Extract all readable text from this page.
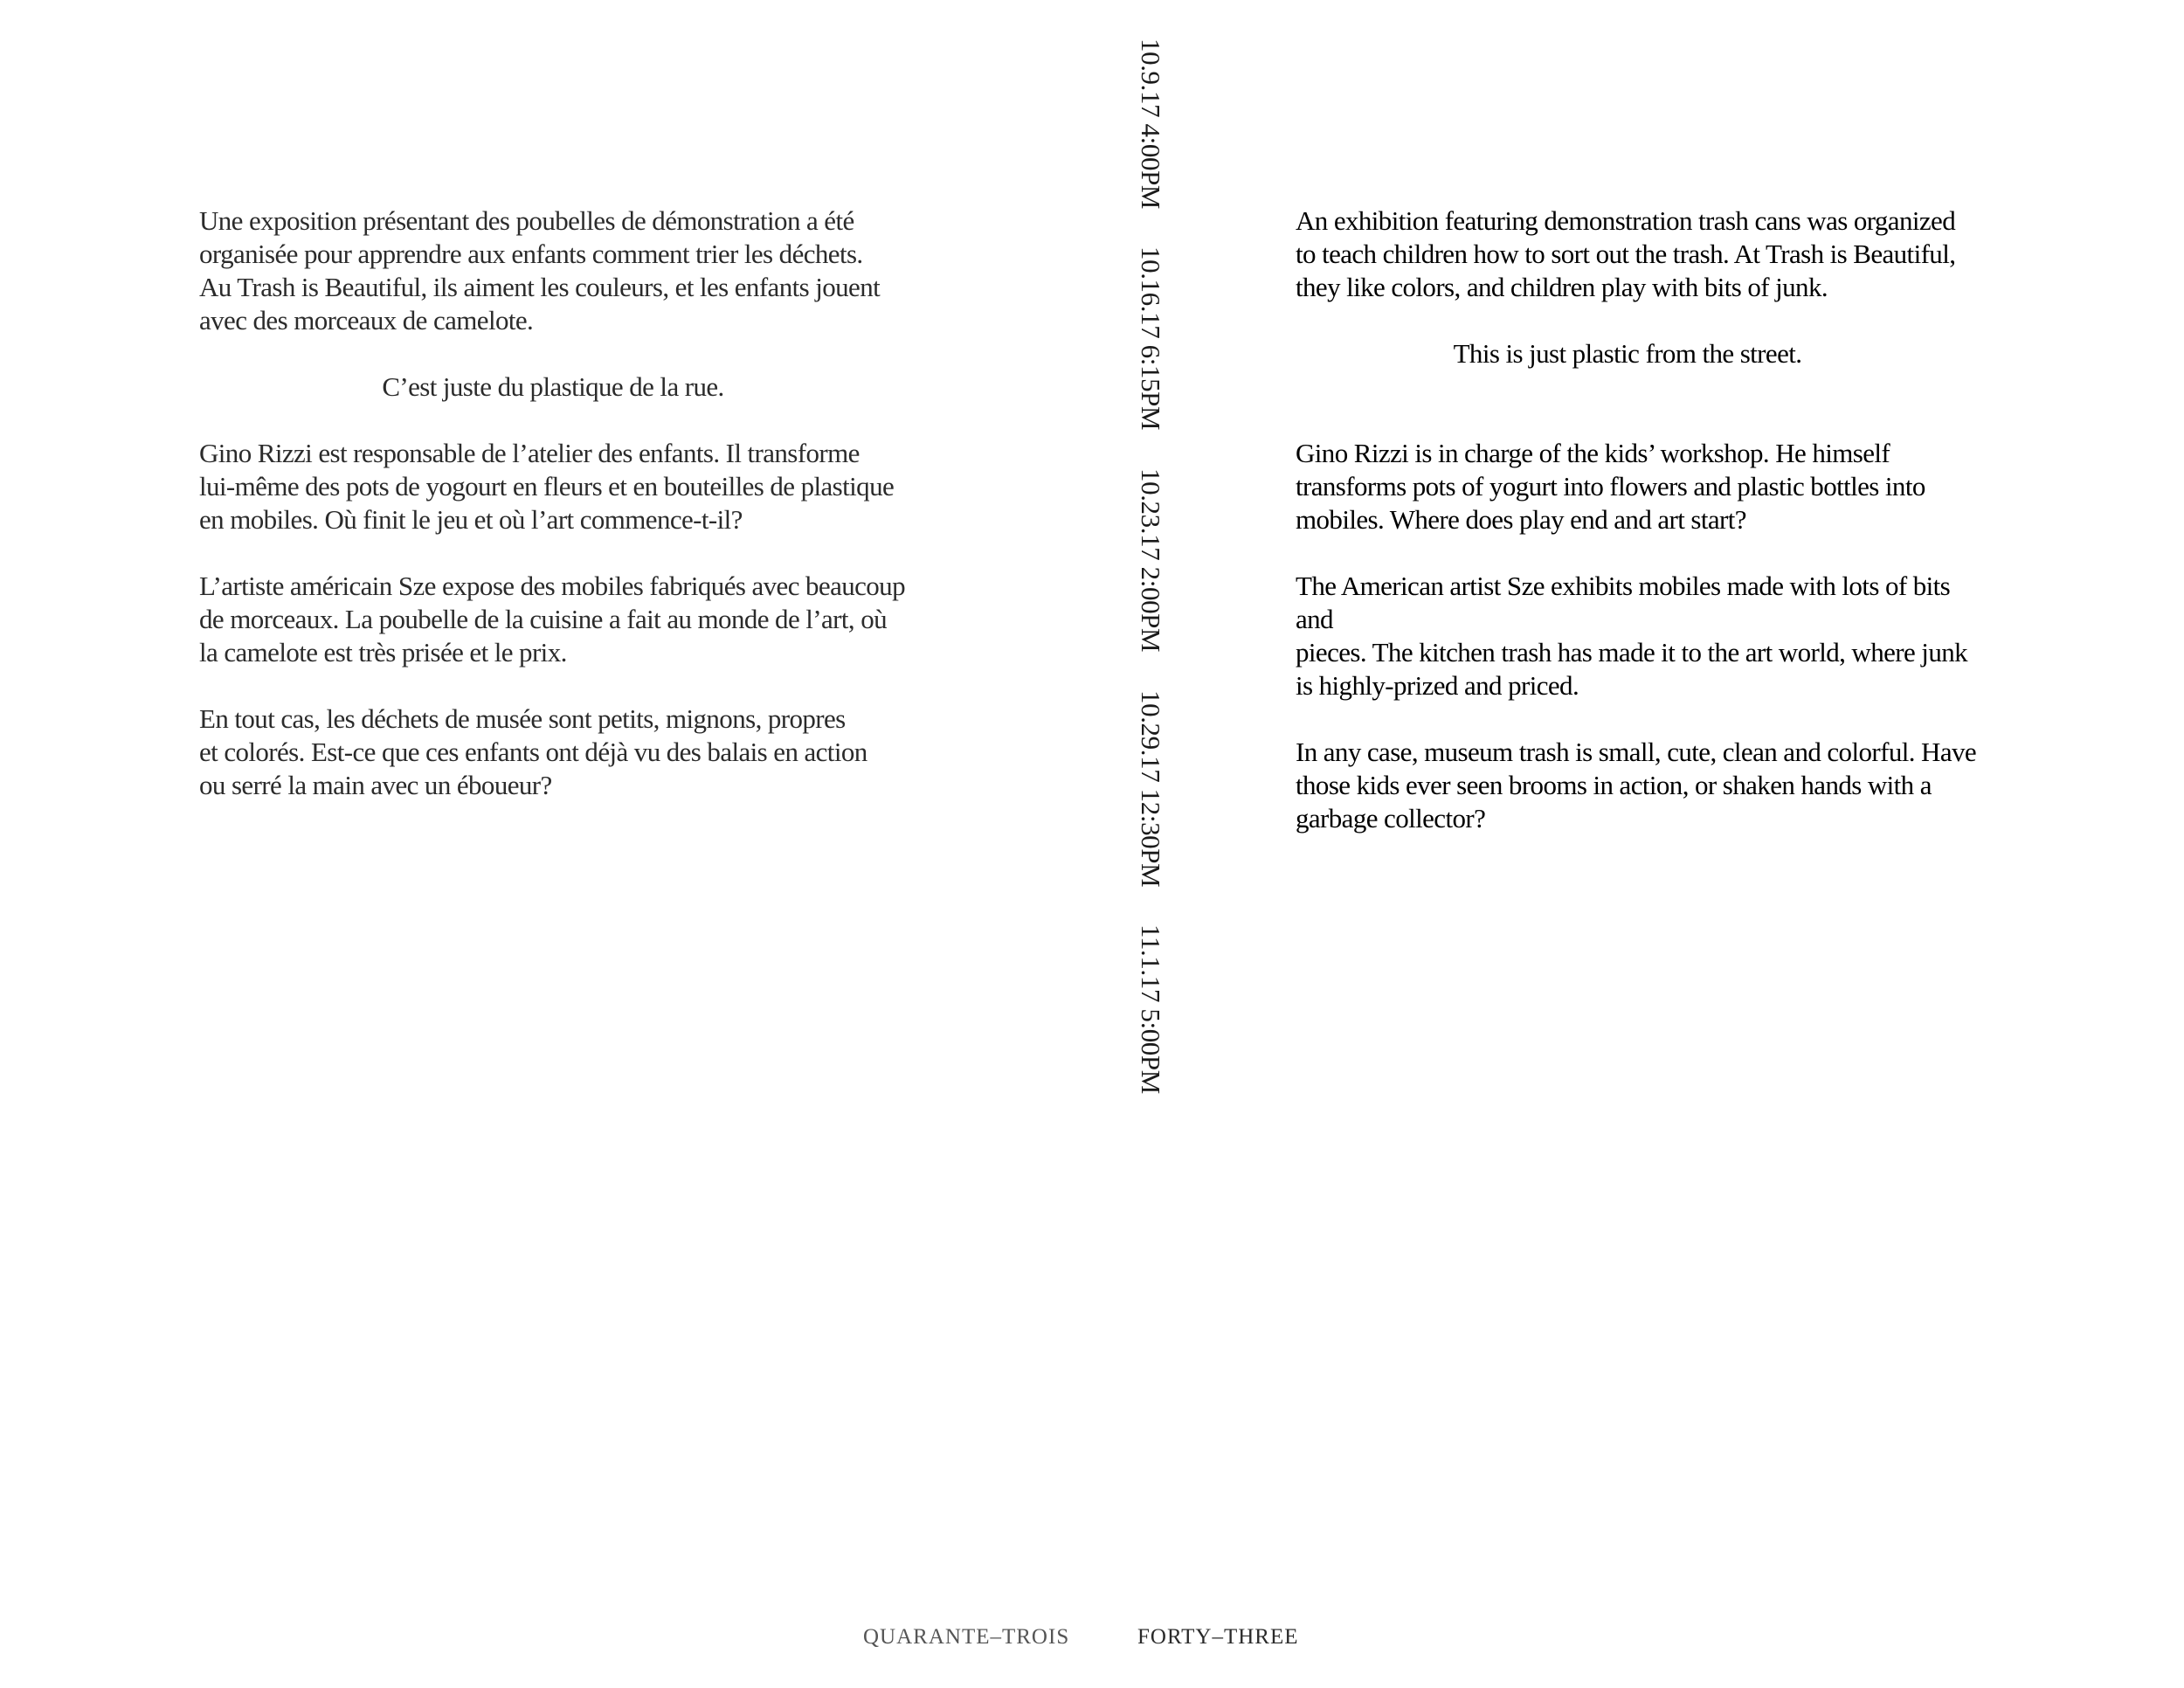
Une exposition présentant des poubelles de démonstration a été
organisée pour apprendre aux enfants comment trier les déchets.
Au Trash is Beautiful, ils aiment les couleurs, et les enfants jouent
avec des morceaux de camelote.

C’est juste du plastique de la rue.

Gino Rizzi est responsable de l’atelier des enfants. Il transforme
lui-même des pots de yogourt en fleurs et en bouteilles de plastique
en mobiles. Où finit le jeu et où l’art commence-t-il?

L’artiste américain Sze expose des mobiles fabriqués avec beaucoup
de morceaux. La poubelle de la cuisine a fait au monde de l’art, où
la camelote est très prisée et le prix.

En tout cas, les déchets de musée sont petits, mignons, propres
et colorés. Est-ce que ces enfants ont déjà vu des balais en action
ou serré la main avec un éboueur?

An exhibition featuring demonstration trash cans was organized
to teach children how to sort out the trash. At Trash is Beautiful,
they like colors, and children play with bits of junk.

This is just plastic from the street.

Gino Rizzi is in charge of the kids’ workshop. He himself
transforms pots of yogurt into flowers and plastic bottles into
mobiles. Where does play end and art start?

The American artist Sze exhibits mobiles made with lots of bits and
pieces. The kitchen trash has made it to the art world, where junk
is highly-prized and priced.

In any case, museum trash is small, cute, clean and colorful. Have
those kids ever seen brooms in action, or shaken hands with a
garbage collector?

10.9.17 4:00PM 10.16.17 6:15PM 10.23.17 2:00PM 10.29.17 12:30PM 11.1.17 5:00PM
QUARANTE–TROIS	FORTY–THREE
